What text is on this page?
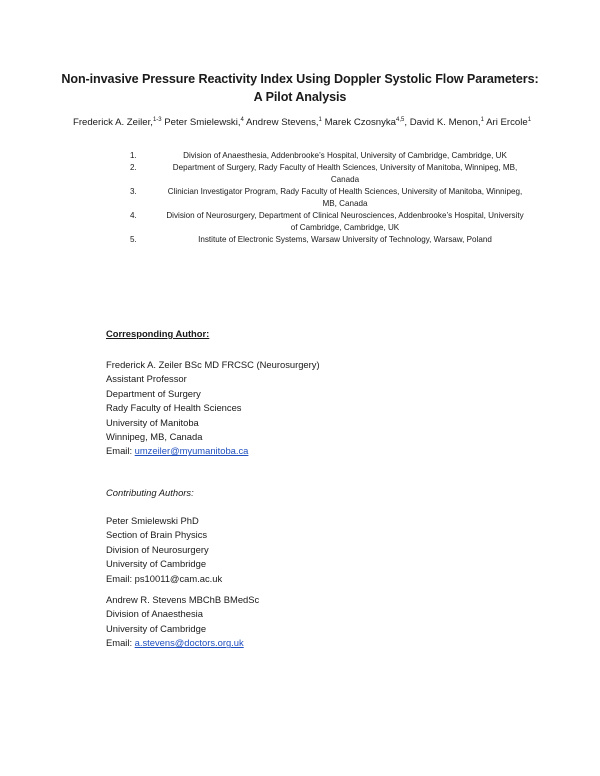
Non-invasive Pressure Reactivity Index Using Doppler Systolic Flow Parameters:
A Pilot Analysis
Frederick A. Zeiler,$^{1-3}$ Peter Smielewski,$^4$ Andrew Stevens,$^1$ Marek Czosnyka$^{4,5}$, David K. Menon,$^1$ Ari Ercole$^1$
1.	Division of Anaesthesia, Addenbrooke’s Hospital, University of Cambridge, Cambridge, UK
2.	Department of Surgery, Rady Faculty of Health Sciences, University of Manitoba, Winnipeg, MB,
Canada
3.	Clinician Investigator Program, Rady Faculty of Health Sciences, University of Manitoba, Winnipeg,
MB, Canada
4.	Division of Neurosurgery, Department of Clinical Neurosciences, Addenbrooke’s Hospital, University
of Cambridge, Cambridge, UK
5.	Institute of Electronic Systems, Warsaw University of Technology, Warsaw, Poland
Corresponding Author:
Frederick A. Zeiler BSc MD FRCSC (Neurosurgery)
Assistant Professor
Department of Surgery
Rady Faculty of Health Sciences
University of Manitoba
Winnipeg, MB, Canada
Email: umzeiler@myumanitoba.ca
Contributing Authors:
Peter Smielewski PhD
Section of Brain Physics
Division of Neurosurgery
University of Cambridge
Email: ps10011@cam.ac.uk
Andrew R. Stevens MBChB BMedSc
Division of Anaesthesia
University of Cambridge
Email: a.stevens@doctors.org.uk
